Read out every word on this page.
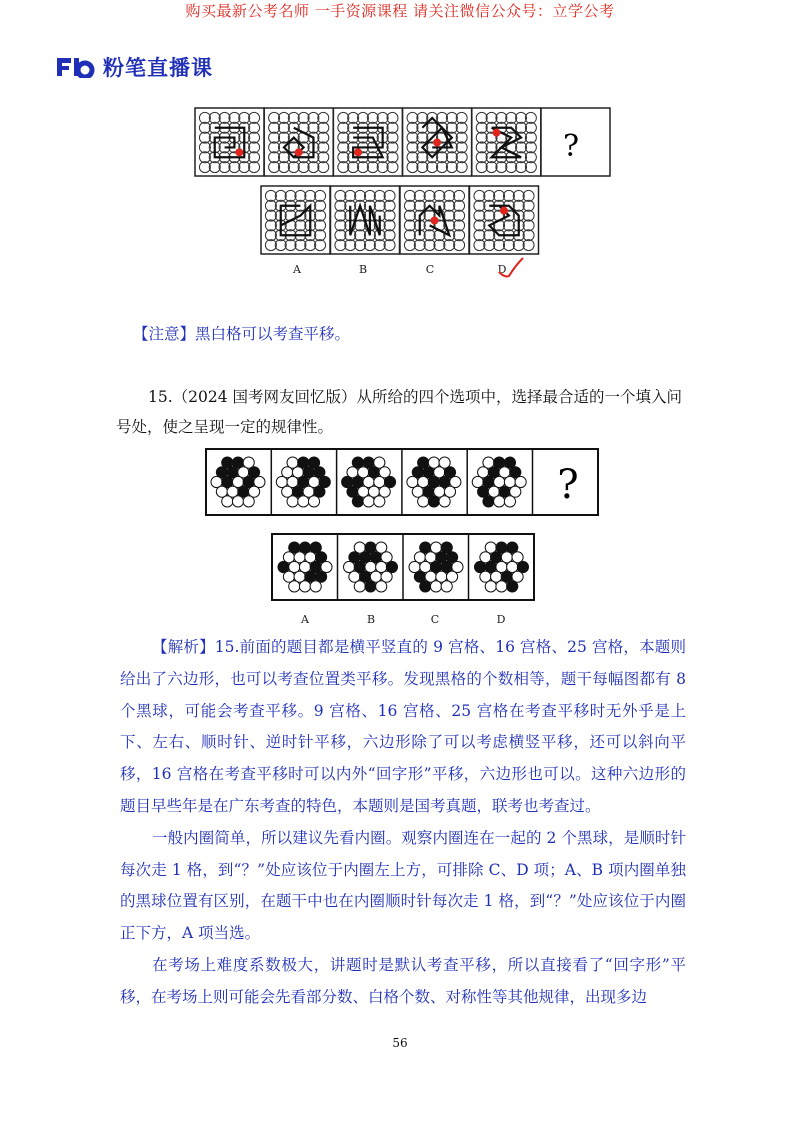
购买最新公考名师 一手资源课程 请关注微信公众号：立学公考
粉笔直播课
A	B	C	D
?
【注意】黑白格可以考查平移。
15.（2024 国考网友回忆版）从所给的四个选项中，选择最合适的一个填入问号处，使之呈现一定的规律性。
A	B	C	D
?

【解析】15.前面的题目都是横平竖直的 9 宫格、16 宫格、25 宫格，本题则给出了六边形，也可以考查位置类平移。发现黑格的个数相等，题干每幅图都有 8 个黑球，可能会考查平移。9 宫格、16 宫格、25 宫格在考查平移时无外乎是上下、左右、顺时针、逆时针平移，六边形除了可以考虑横竖平移，还可以斜向平移，16 宫格在考查平移时可以内外“回字形”平移，六边形也可以。这种六边形的题目早些年是在广东考查的特色，本题则是国考真题，联考也考查过。

一般内圈简单，所以建议先看内圈。观察内圈连在一起的 2 个黑球，是顺时针每次走 1 格，到“？”处应该位于内圈左上方，可排除 C、D 项；A、B 项内圈单独的黑球位置有区别，在题干中也在内圈顺时针每次走 1 格，到“？”处应该位于内圈正下方，A 项当选。

在考场上难度系数极大，讲题时是默认考查平移，所以直接看了“回字形”平移，在考场上则可能会先看部分数、白格个数、对称性等其他规律，出现多边

56
